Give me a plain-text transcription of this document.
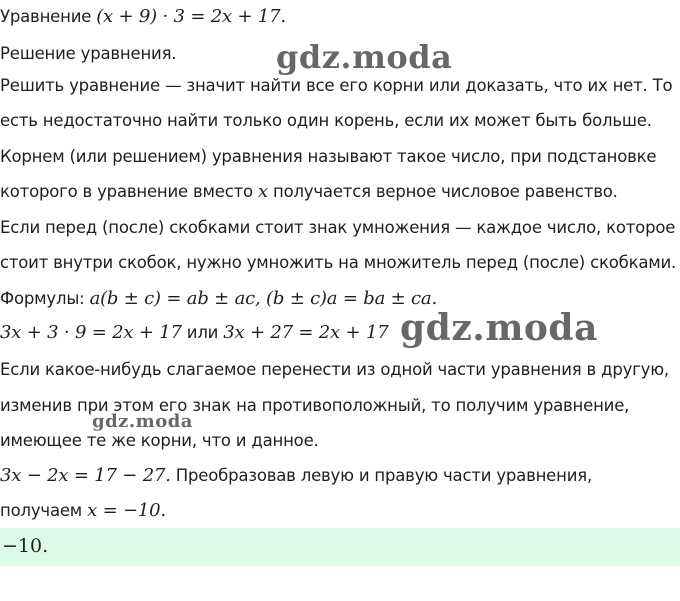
Уравнение (x + 9) · 3 = 2x + 17.
Решение уравнения.
Решить уравнение — значит найти все его корни или доказать, что их нет. То
есть недостаточно найти только один корень, если их может быть больше.
Корнем (или решением) уравнения называют такое число, при подстановке
которого в уравнение вместо x получается верное числовое равенство.
Если перед (после) скобками стоит знак умножения — каждое число, которое
стоит внутри скобок, нужно умножить на множитель перед (после) скобками.
Формулы: a(b ± c) = ab ± ac, (b ± c)a = ba ± ca.
3x + 3 · 9 = 2x + 17 или 3x + 27 = 2x + 17
Если какое-нибудь слагаемое перенести из одной части уравнения в другую,
изменив при этом его знак на противоположный, то получим уравнение,
имеющее те же корни, что и данное.
3x − 2x = 17 − 27. Преобразовав левую и правую части уравнения,
получаем x = −10.
−10.
gdz.moda
gdz.moda
gdz.moda
